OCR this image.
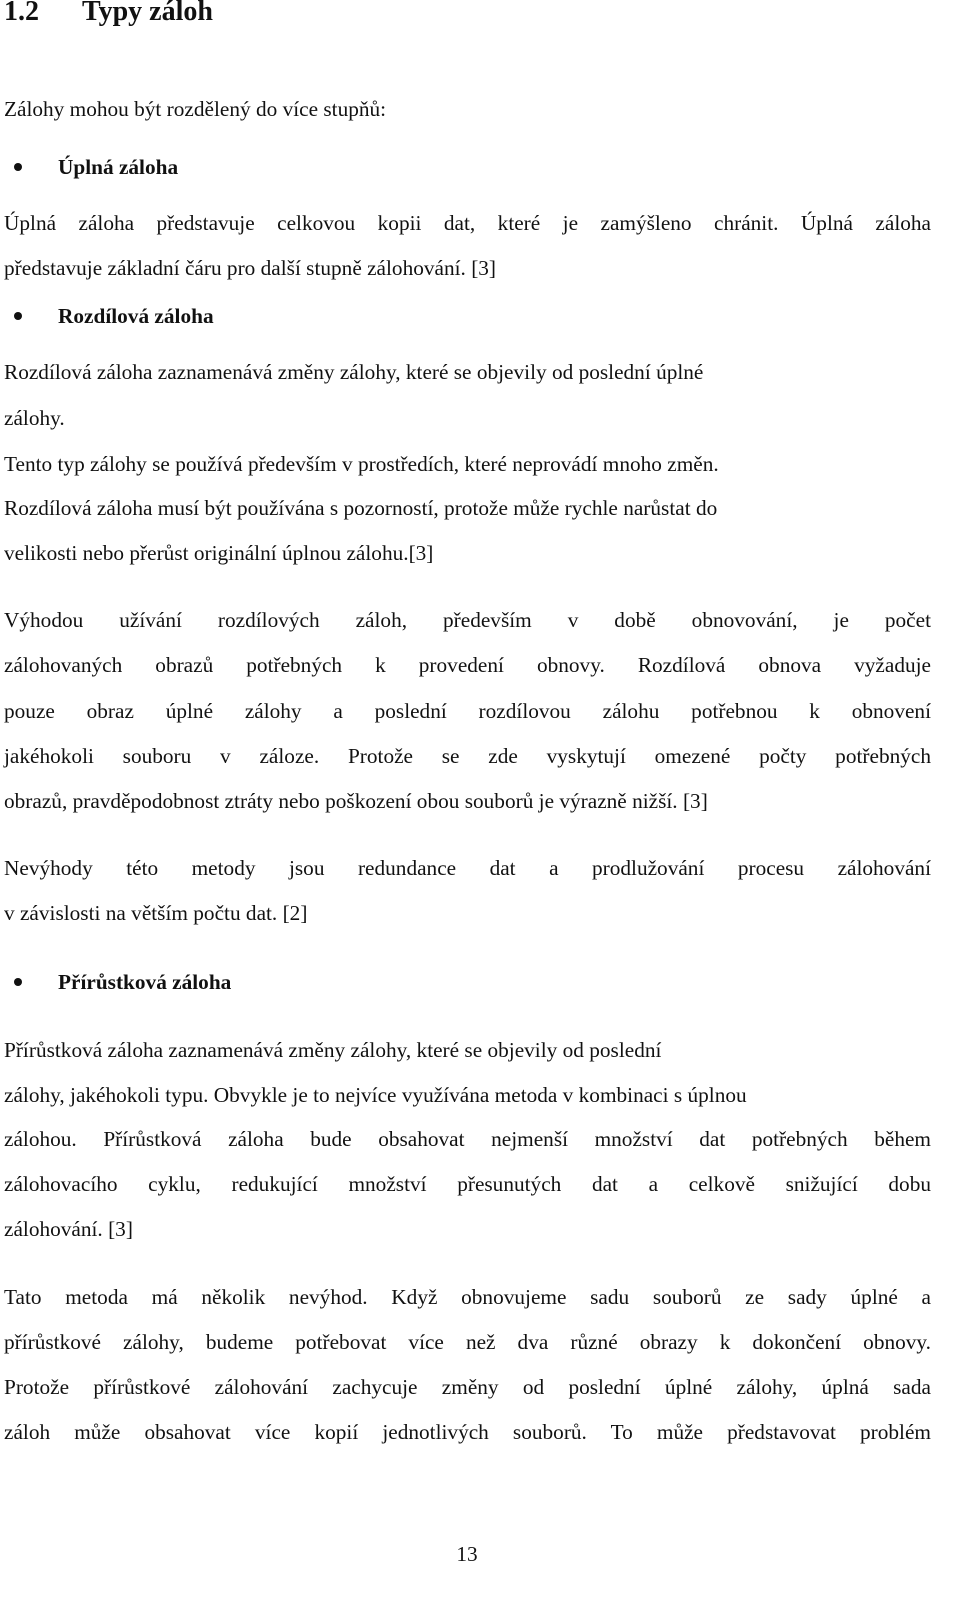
1.2 Typy záloh

Zálohy mohou být rozdělený do více stupňů:

Úplná záloha

Úplná záloha představuje celkovou kopii dat, které je zamýšleno chránit. Úplná záloha

představuje základní čáru pro další stupně zálohování. [3]

Rozdílová záloha

Rozdílová záloha zaznamenává změny zálohy, které se objevily od poslední úplné

zálohy.

Tento typ zálohy se používá především v prostředích, které neprovádí mnoho změn.

Rozdílová záloha musí být používána s pozorností, protože může rychle narůstat do

velikosti nebo přerůst originální úplnou zálohu.[3]

Výhodou užívání rozdílových záloh, především v době obnovování, je počet

zálohovaných obrazů potřebných k provedení obnovy. Rozdílová obnova vyžaduje

pouze obraz úplné zálohy a poslední rozdílovou zálohu potřebnou k obnovení

jakéhokoli souboru v záloze. Protože se zde vyskytují omezené počty potřebných

obrazů, pravděpodobnost ztráty nebo poškození obou souborů je výrazně nižší. [3]

Nevýhody této metody jsou redundance dat a prodlužování procesu zálohování

v závislosti na větším počtu dat. [2]

Přírůstková záloha

Přírůstková záloha zaznamenává změny zálohy, které se objevily od poslední

zálohy, jakéhokoli typu. Obvykle je to nejvíce využívána metoda v kombinaci s úplnou

zálohou. Přírůstková záloha bude obsahovat nejmenší množství dat potřebných během

zálohovacího cyklu, redukující množství přesunutých dat a celkově snižující dobu

zálohování. [3]

Tato metoda má několik nevýhod. Když obnovujeme sadu souborů ze sady úplné a

přírůstkové zálohy, budeme potřebovat více než dva různé obrazy k dokončení obnovy.

Protože přírůstkové zálohování zachycuje změny od poslední úplné zálohy, úplná sada

záloh může obsahovat více kopií jednotlivých souborů. To může představovat problém

13
